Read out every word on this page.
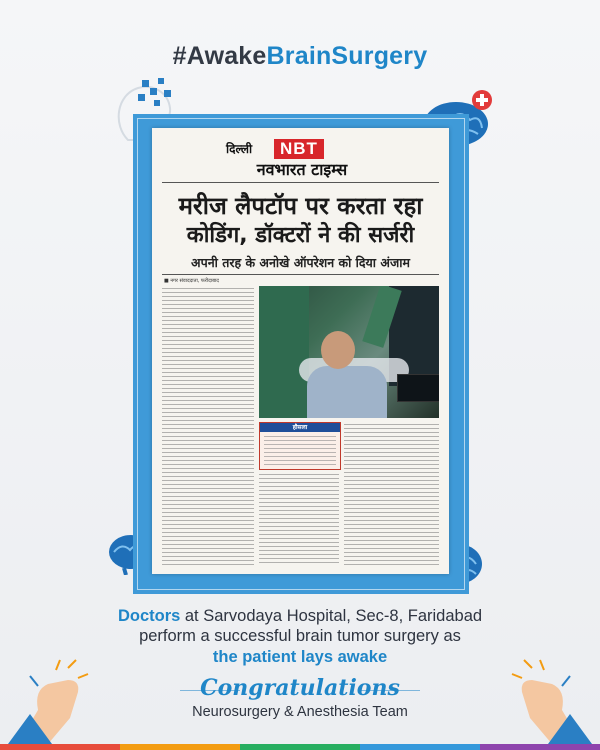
#AwakeBrainSurgery
दिल्ली	NBT
नवभारत टाइम्स
मरीज लैपटॉप पर करता रहा
कोडिंग, डॉक्टरों ने की सर्जरी
अपनी तरह के अनोखे ऑपरेशन को दिया अंजाम
■ नगर संवाददाता, फरीदाबाद
हौसला
Doctors at Sarvodaya Hospital, Sec-8, Faridabad
perform a successful brain tumor surgery as
the patient lays awake
Congratulations
Neurosurgery & Anesthesia Team
